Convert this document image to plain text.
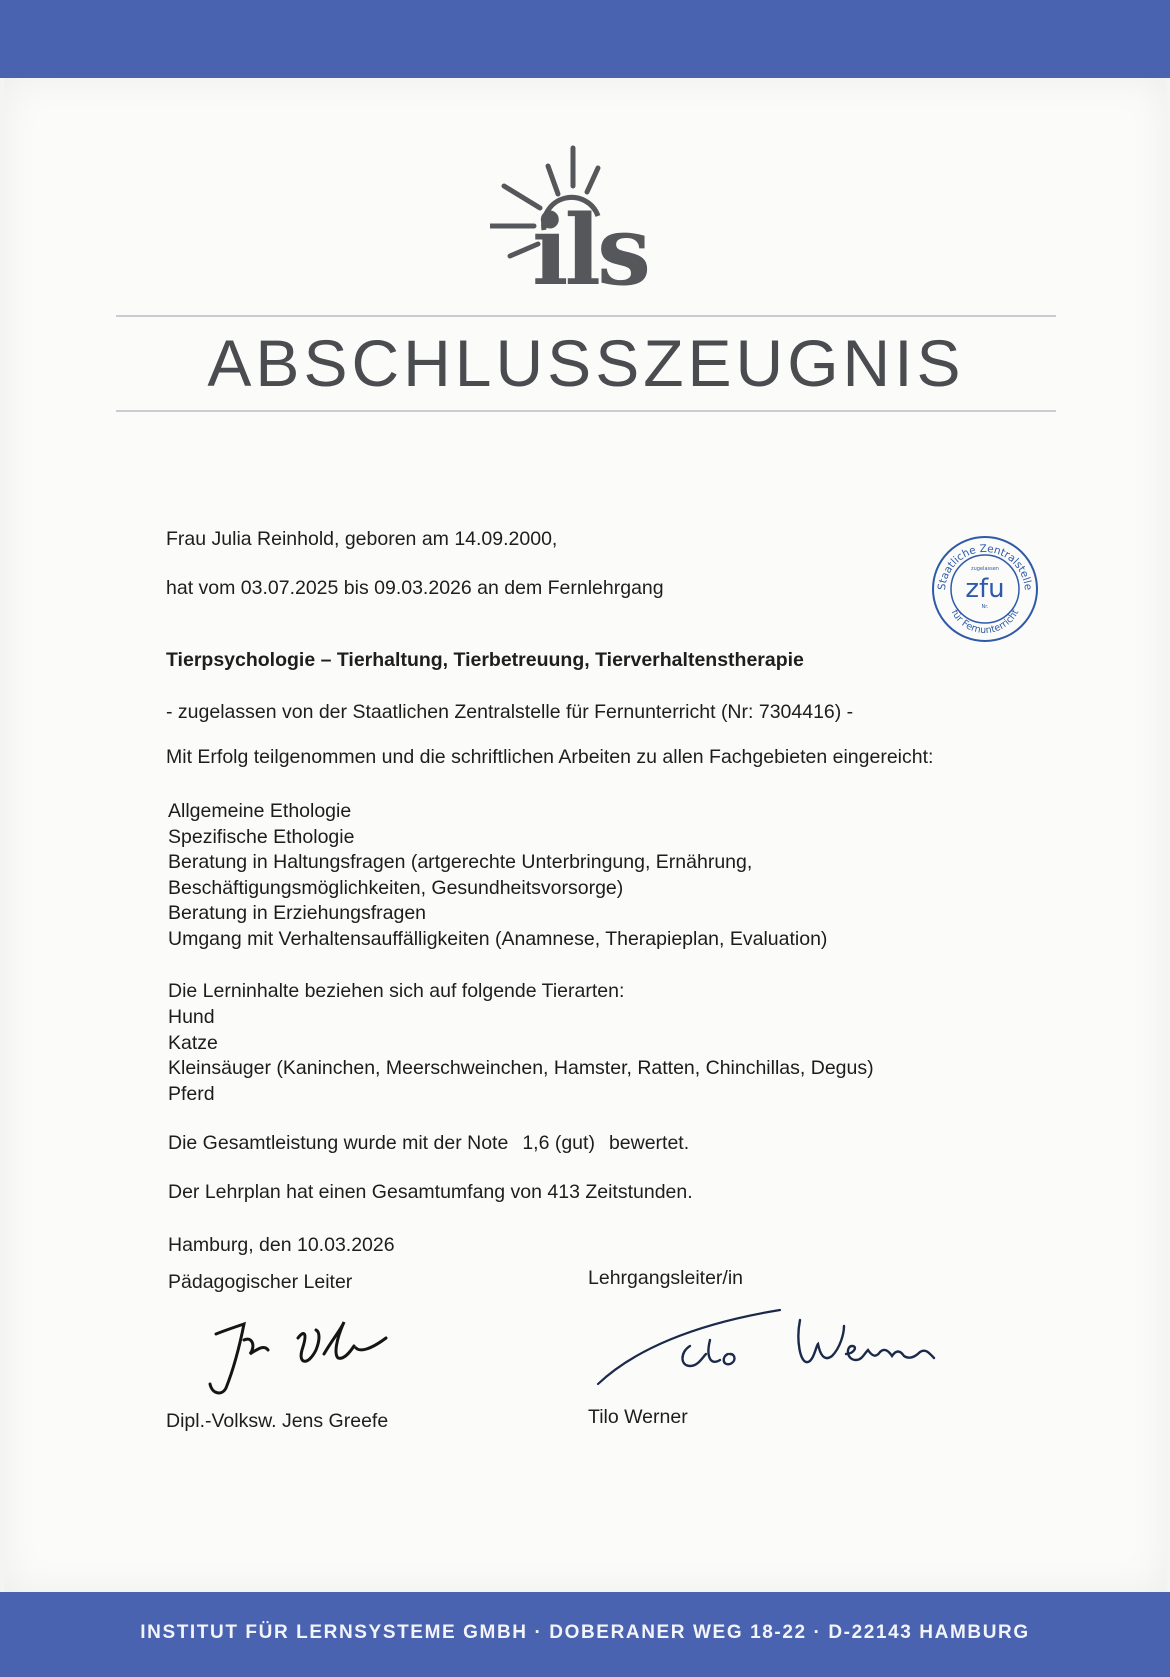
ils
ABSCHLUSSZEUGNIS
Staatliche Zentralstelle
für Fernunterricht
zugelassen
zfu
Nr.
Frau Julia Reinhold, geboren am 14.09.2000,
hat vom 03.07.2025 bis 09.03.2026 an dem Fernlehrgang
Tierpsychologie – Tierhaltung, Tierbetreuung, Tierverhaltenstherapie
- zugelassen von der Staatlichen Zentralstelle für Fernunterricht (Nr: 7304416) -
Mit Erfolg teilgenommen und die schriftlichen Arbeiten zu allen Fachgebieten eingereicht:
Allgemeine Ethologie
Spezifische Ethologie
Beratung in Haltungsfragen (artgerechte Unterbringung, Ernährung,
Beschäftigungsmöglichkeiten, Gesundheitsvorsorge)
Beratung in Erziehungsfragen
Umgang mit Verhaltensauffälligkeiten (Anamnese, Therapieplan, Evaluation)
Die Lerninhalte beziehen sich auf folgende Tierarten:
Hund
Katze
Kleinsäuger (Kaninchen, Meerschweinchen, Hamster, Ratten, Chinchillas, Degus)
Pferd
Die Gesamtleistung wurde mit der Note 1,6 (gut) bewertet.
Der Lehrplan hat einen Gesamtumfang von 413 Zeitstunden.
Hamburg, den 10.03.2026
Pädagogischer Leiter	Lehrgangsleiter/in
Dipl.-Volksw. Jens Greefe	Tilo Werner
INSTITUT FÜR LERNSYSTEME GMBH · DOBERANER WEG 18-22 · D-22143 HAMBURG
